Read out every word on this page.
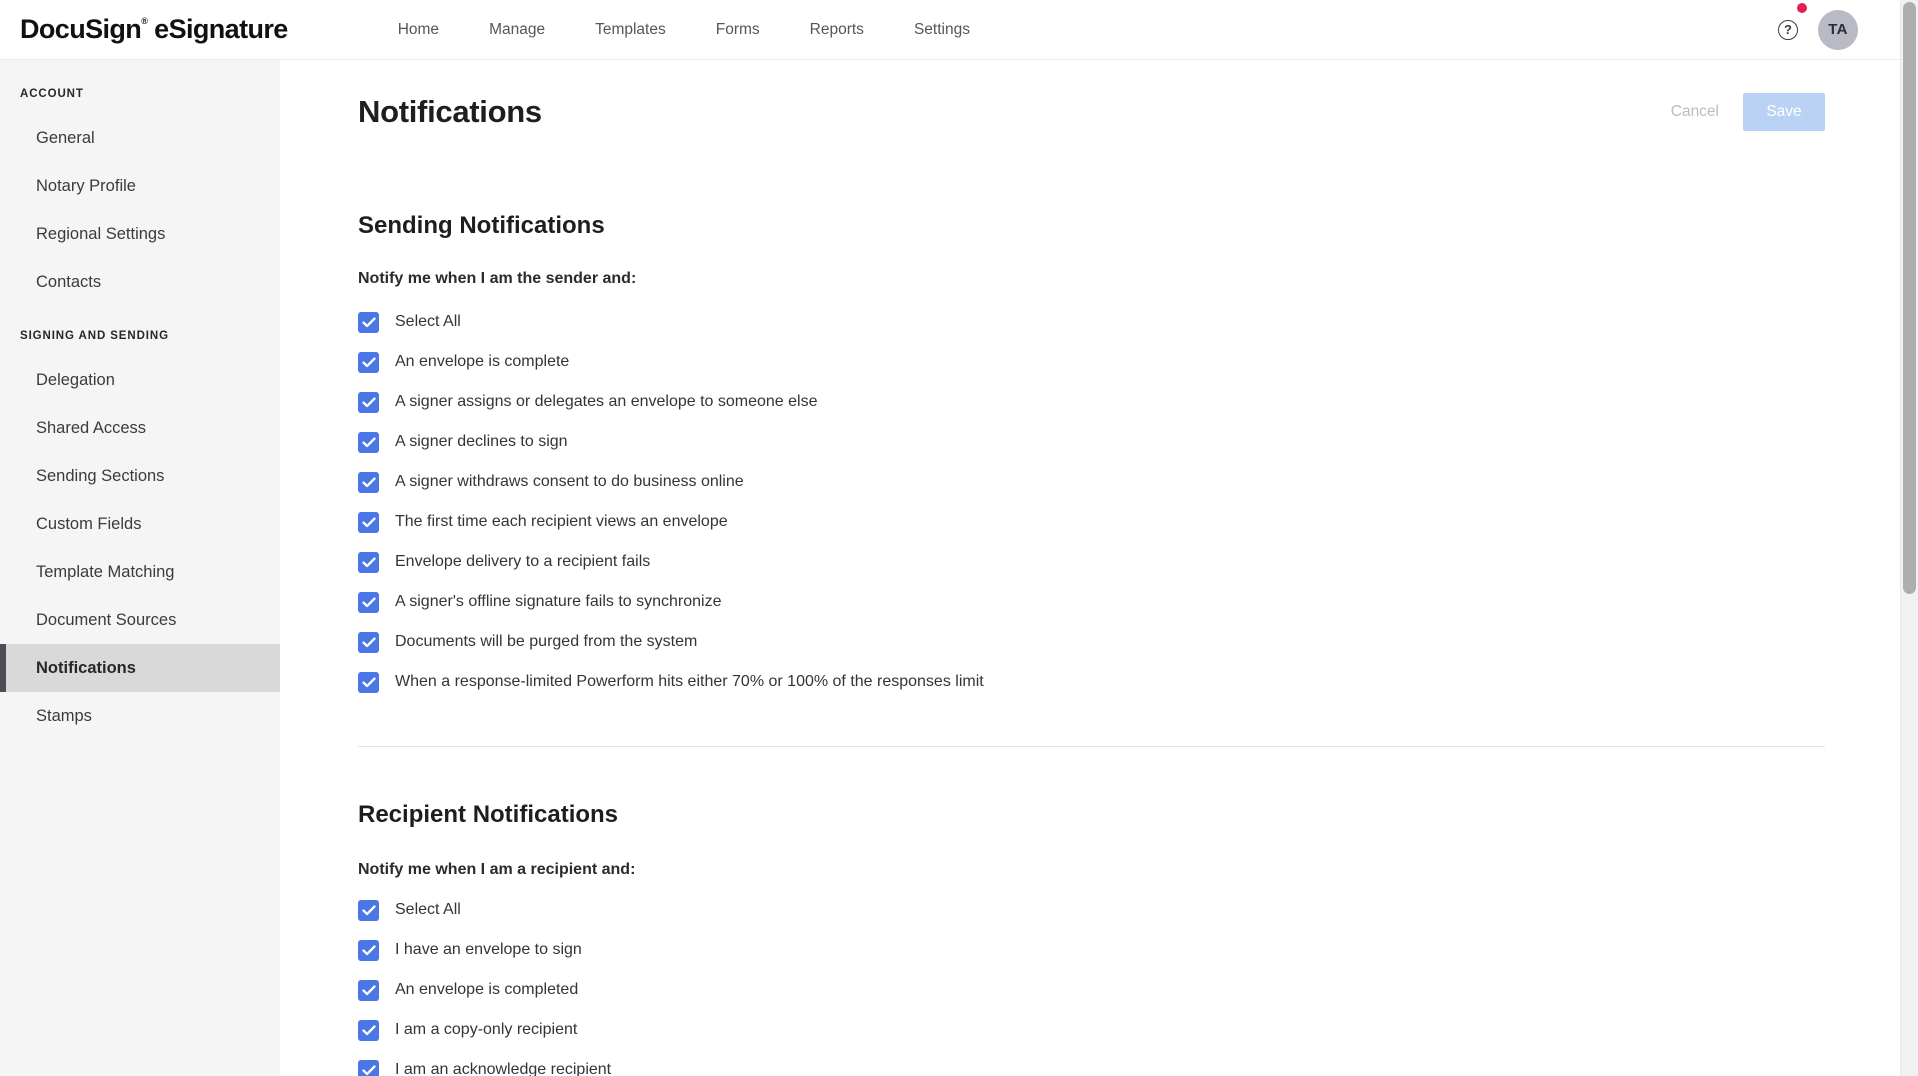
DocuSign® eSignature	Home	Manage	Templates	Forms	Reports	Settings	?	TA
ACCOUNT
General
Notary Profile
Regional Settings
Contacts
SIGNING AND SENDING
Delegation
Shared Access
Sending Sections
Custom Fields
Template Matching
Document Sources
Notifications
Stamps
Notifications	Cancel	Save
Sending Notifications
Notify me when I am the sender and:
Select All
An envelope is complete
A signer assigns or delegates an envelope to someone else
A signer declines to sign
A signer withdraws consent to do business online
The first time each recipient views an envelope
Envelope delivery to a recipient fails
A signer's offline signature fails to synchronize
Documents will be purged from the system
When a response-limited Powerform hits either 70% or 100% of the responses limit
Recipient Notifications
Notify me when I am a recipient and:
Select All
I have an envelope to sign
An envelope is completed
I am a copy-only recipient
I am an acknowledge recipient
